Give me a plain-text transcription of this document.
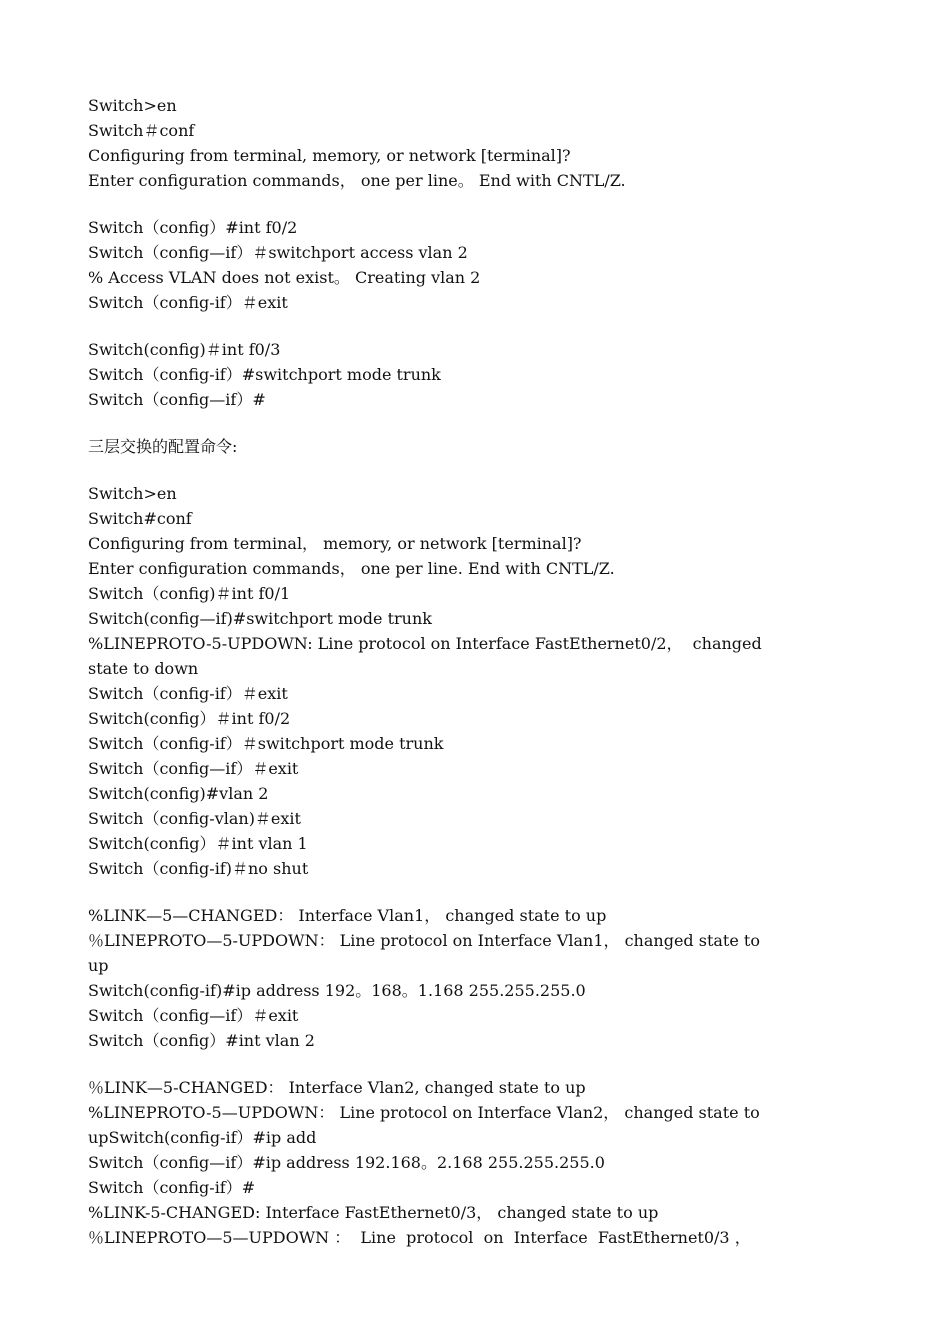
Switch>en
Switch＃conf
Configuring from terminal, memory, or network [terminal]?
Enter configuration commands， one per line。 End with CNTL/Z.
Switch（config）#int f0/2
Switch（config—if）＃switchport access vlan 2
% Access VLAN does not exist。 Creating vlan 2
Switch（config-if）＃exit
Switch(config)＃int f0/3
Switch（config-if）#switchport mode trunk
Switch（config—if）#
三层交换的配置命令:
Switch>en
Switch#conf
Configuring from terminal， memory, or network [terminal]?
Enter configuration commands， one per line. End with CNTL/Z.
Switch（config)＃int f0/1
Switch(config—if)#switchport mode trunk
%LINEPROTO-5-UPDOWN: Line protocol on Interface FastEthernet0/2，  changed
state to down
Switch（config-if）＃exit
Switch(config）＃int f0/2
Switch（config-if）＃switchport mode trunk
Switch（config—if）＃exit
Switch(config)#vlan 2
Switch（config-vlan)＃exit
Switch(config）＃int vlan 1
Switch（config-if)＃no shut
%LINK—5—CHANGED： Interface Vlan1， changed state to up
％LINEPROTO—5-UPDOWN： Line protocol on Interface Vlan1， changed state to
up
Switch(config-if)#ip address 192。168。1.168 255.255.255.0
Switch（config—if）＃exit
Switch（config）#int vlan 2
％LINK—5-CHANGED： Interface Vlan2, changed state to up
%LINEPROTO-5—UPDOWN： Line protocol on Interface Vlan2， changed state to
upSwitch(config-if）#ip add
Switch（config—if）#ip address 192.168。2.168 255.255.255.0
Switch（config-if）#
%LINK-5-CHANGED: Interface FastEthernet0/3， changed state to up
％LINEPROTO—5—UPDOWN ：  Line  protocol  on  Interface  FastEthernet0/3 ，
